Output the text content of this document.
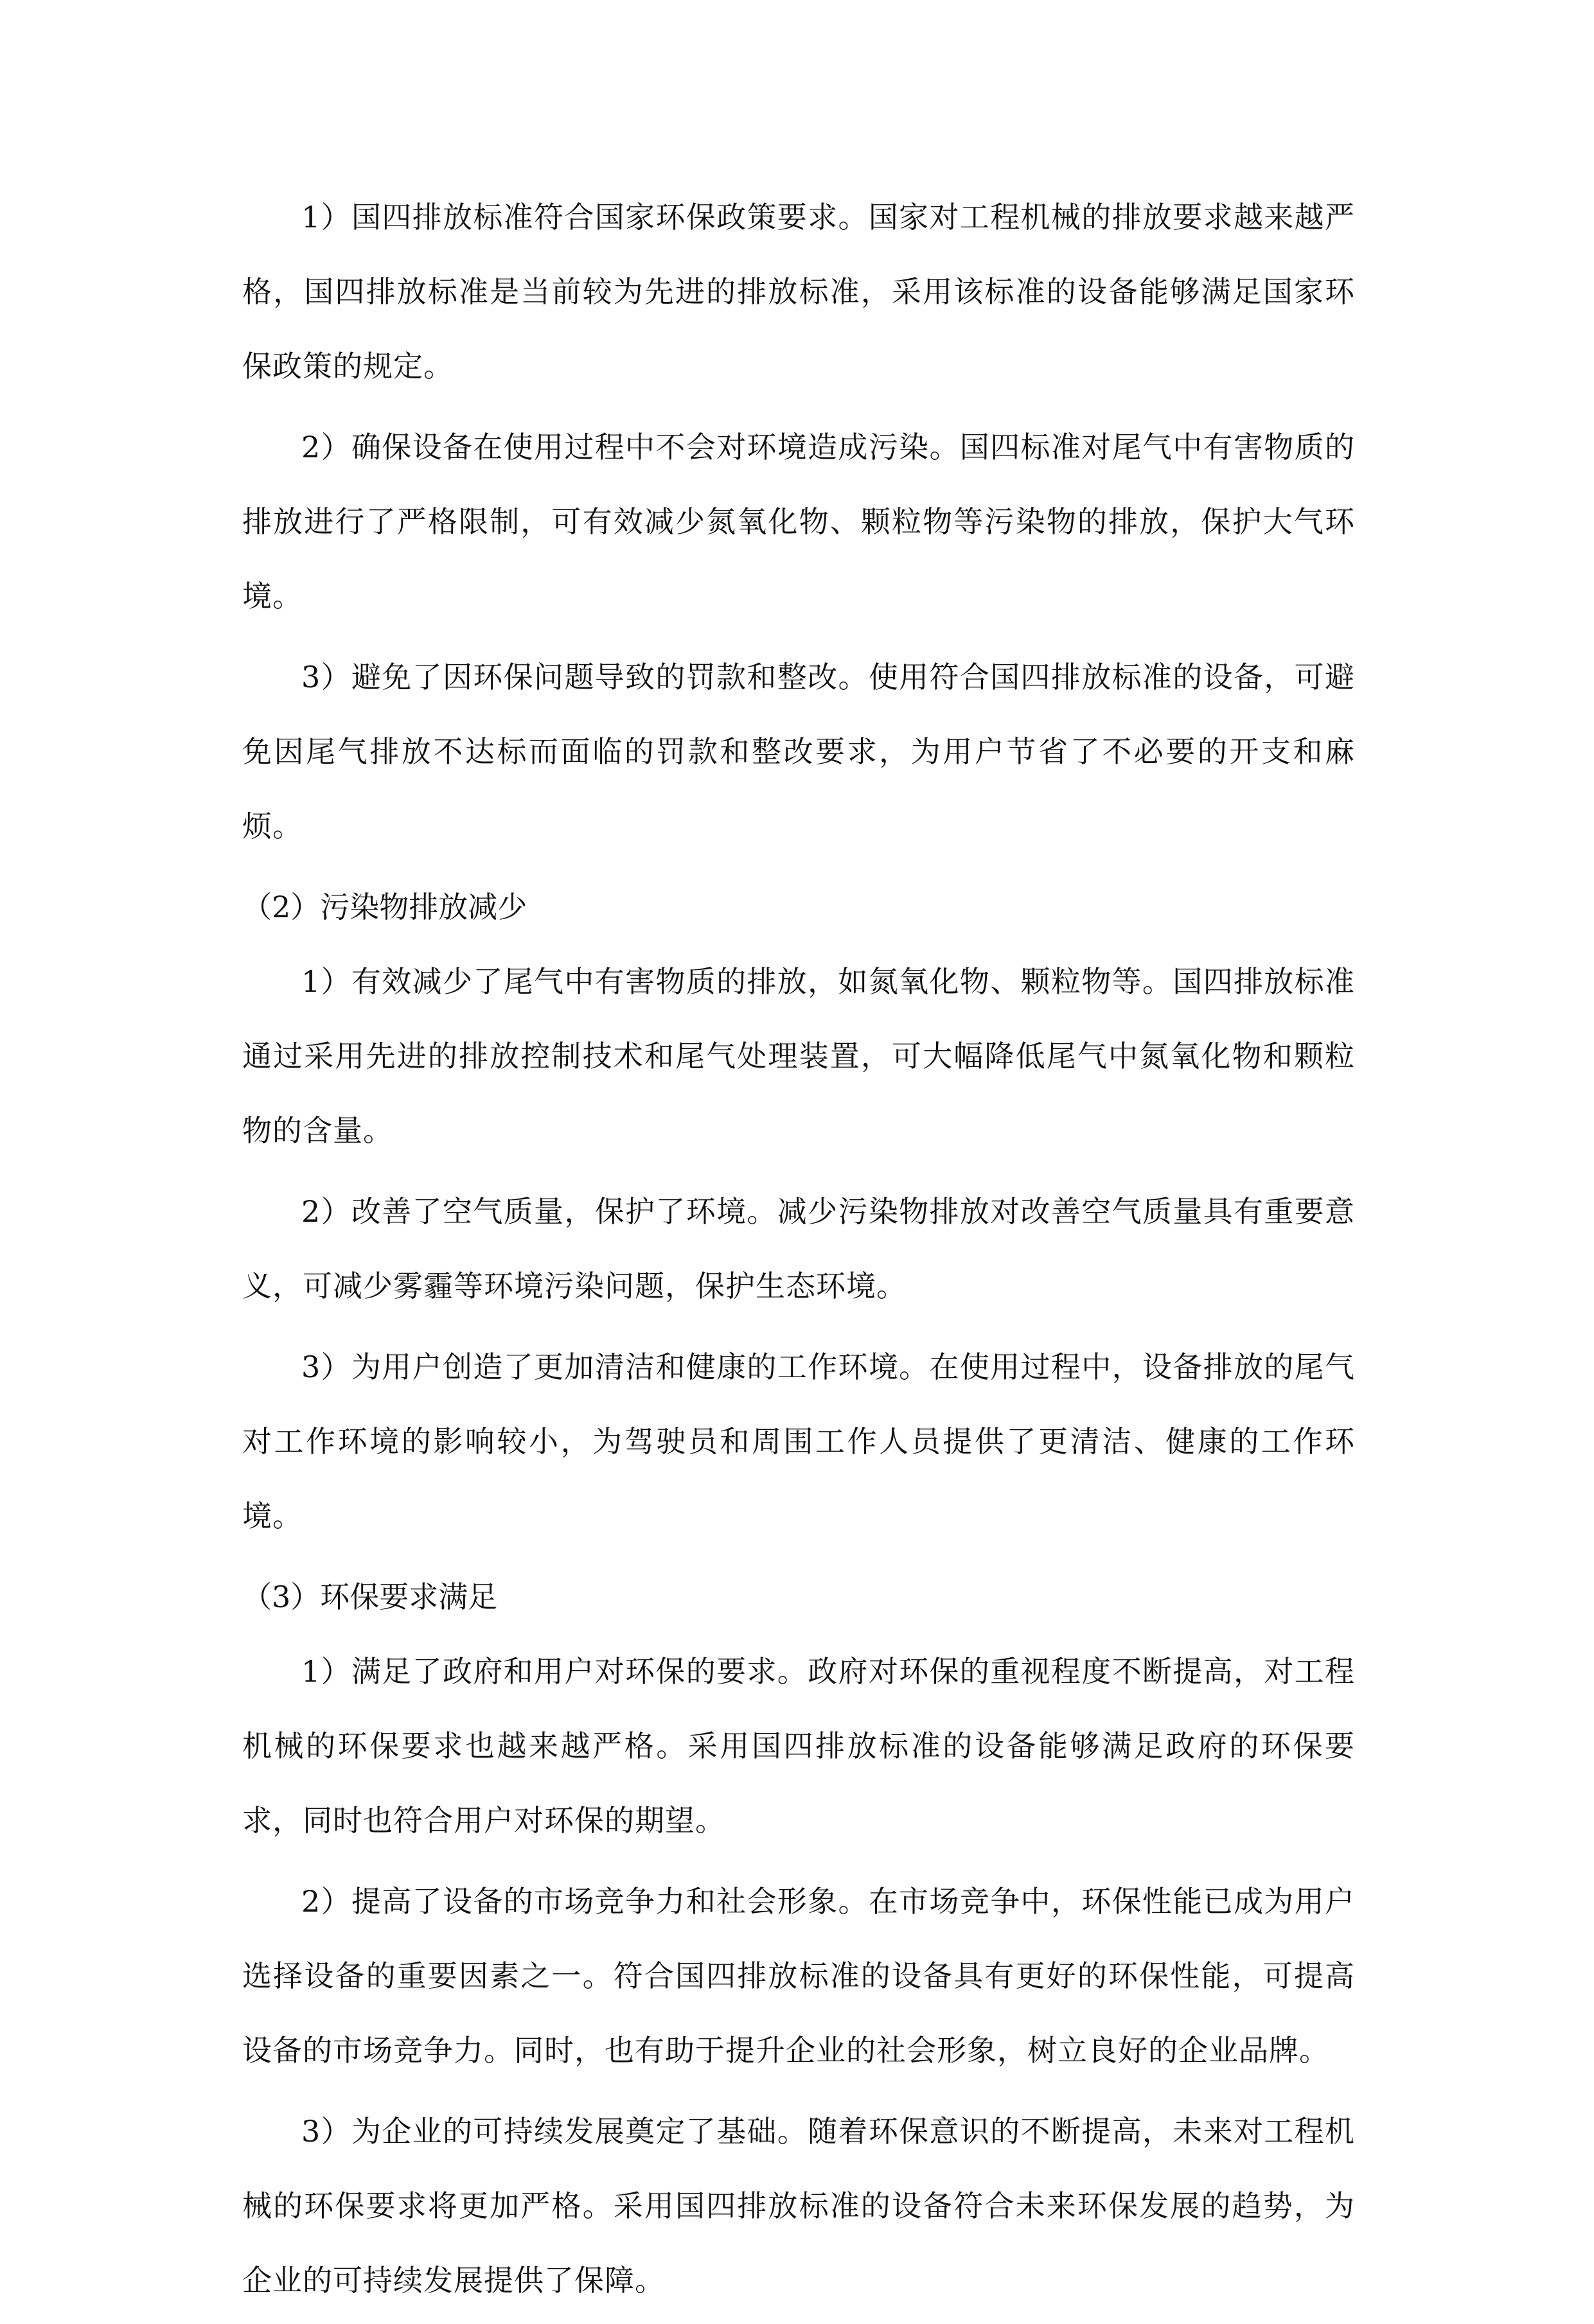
1）国四排放标准符合国家环保政策要求。国家对工程机械的排放要求越来越严格，国四排放标准是当前较为先进的排放标准，采用该标准的设备能够满足国家环保政策的规定。

2）确保设备在使用过程中不会对环境造成污染。国四标准对尾气中有害物质的排放进行了严格限制，可有效减少氮氧化物、颗粒物等污染物的排放，保护大气环境。

3）避免了因环保问题导致的罚款和整改。使用符合国四排放标准的设备，可避免因尾气排放不达标而面临的罚款和整改要求，为用户节省了不必要的开支和麻烦。

（2）污染物排放减少

1）有效减少了尾气中有害物质的排放，如氮氧化物、颗粒物等。国四排放标准通过采用先进的排放控制技术和尾气处理装置，可大幅降低尾气中氮氧化物和颗粒物的含量。

2）改善了空气质量，保护了环境。减少污染物排放对改善空气质量具有重要意义，可减少雾霾等环境污染问题，保护生态环境。

3）为用户创造了更加清洁和健康的工作环境。在使用过程中，设备排放的尾气对工作环境的影响较小，为驾驶员和周围工作人员提供了更清洁、健康的工作环境。

（3）环保要求满足

1）满足了政府和用户对环保的要求。政府对环保的重视程度不断提高，对工程机械的环保要求也越来越严格。采用国四排放标准的设备能够满足政府的环保要求，同时也符合用户对环保的期望。

2）提高了设备的市场竞争力和社会形象。在市场竞争中，环保性能已成为用户选择设备的重要因素之一。符合国四排放标准的设备具有更好的环保性能，可提高设备的市场竞争力。同时，也有助于提升企业的社会形象，树立良好的企业品牌。

3）为企业的可持续发展奠定了基础。随着环保意识的不断提高，未来对工程机械的环保要求将更加严格。采用国四排放标准的设备符合未来环保发展的趋势，为企业的可持续发展提供了保障。
